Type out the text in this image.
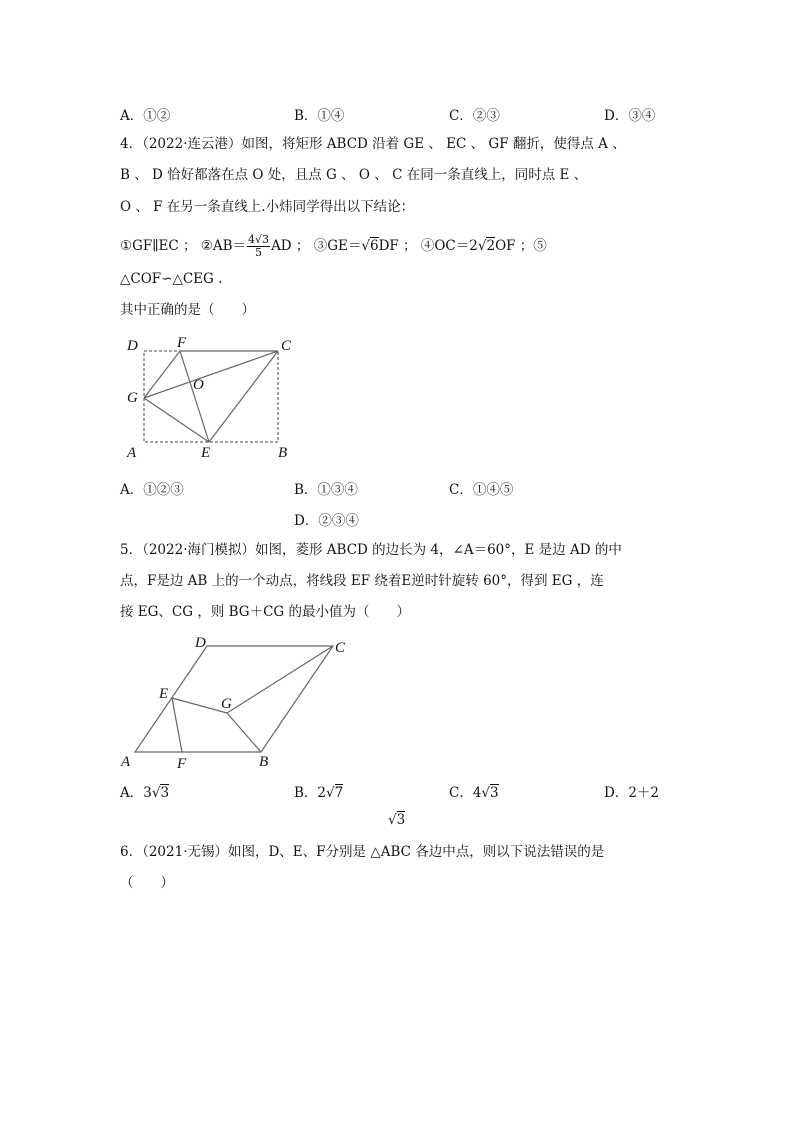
A．①②	B．①④	C．②③	D．③④
4．（2022·连云港）如图，将矩形 ABCD 沿着 GE 、 EC 、 GF 翻折，使得点 A 、
B 、 D 恰好都落在点 O 处，且点 G 、 O 、 C 在同一条直线上，同时点 E 、
O 、 F 在另一条直线上.小炜同学得出以下结论：
①GF∥EC ； ②AB＝ $\frac{4√3}{5}$ AD ； ③GE＝√6DF ； ④OC＝2√2OF ；⑤
△COF∽△CEG .
其中正确的是（　　）
D	F	C
G
O
A	E	B
A．①②③	B．①③④	C．①④⑤
D．②③④
5．（2022·海门模拟）如图，菱形 ABCD 的边长为 4，∠A＝60°，E 是边 AD 的中
点，F是边 AB 上的一个动点，将线段 EF 绕着E逆时针旋转 60°，得到 EG ，连
接 EG、CG ，则 BG＋CG 的最小值为（　　）
D	C
E
G
A	F	B
A．3√3	B．2√7	C．4√3	D．2＋2
√3
6．（2021·无锡）如图，D、E、F分别是 △ABC 各边中点，则以下说法错误的是
（　　）
